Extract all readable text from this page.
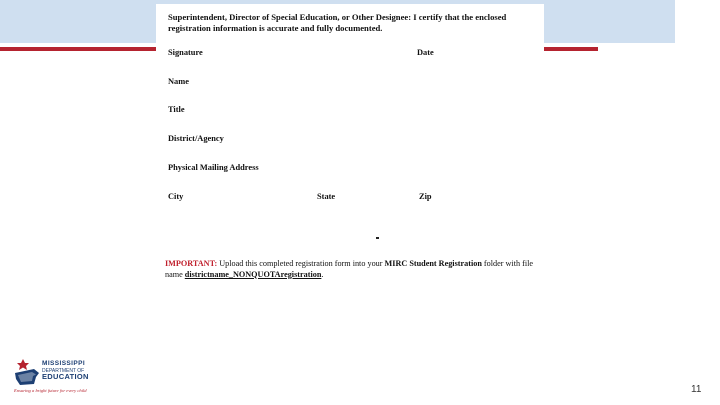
Superintendent, Director of Special Education, or Other Designee: I certify that the enclosed registration information is accurate and fully documented.
Signature	Date
Name
Title
District/Agency
Physical Mailing Address
City	State	Zip
IMPORTANT: Upload this completed registration form into your MIRC Student Registration folder with file name districtname_NONQUOTAregistration.
MISSISSIPPI
DEPARTMENT OF
EDUCATION
Ensuring a bright future for every child	11
